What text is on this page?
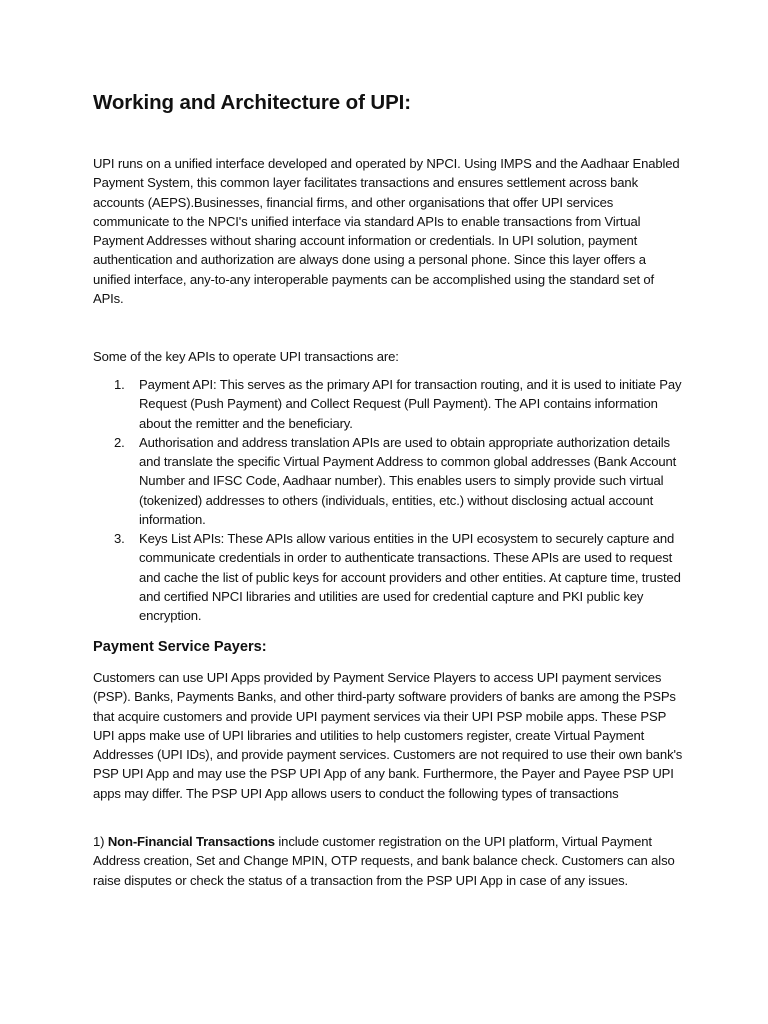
Working and Architecture of UPI:

UPI runs on a unified interface developed and operated by NPCI. Using IMPS and the Aadhaar Enabled Payment System, this common layer facilitates transactions and ensures settlement across bank accounts (AEPS).Businesses, financial firms, and other organisations that offer UPI services communicate to the NPCI's unified interface via standard APIs to enable transactions from Virtual Payment Addresses without sharing account information or credentials. In UPI solution, payment authentication and authorization are always done using a personal phone. Since this layer offers a unified interface, any-to-any interoperable payments can be accomplished using the standard set of APIs.

Some of the key APIs to operate UPI transactions are:

1. Payment API: This serves as the primary API for transaction routing, and it is used to initiate Pay Request (Push Payment) and Collect Request (Pull Payment). The API contains information about the remitter and the beneficiary.
2. Authorisation and address translation APIs are used to obtain appropriate authorization details and translate the specific Virtual Payment Address to common global addresses (Bank Account Number and IFSC Code, Aadhaar number). This enables users to simply provide such virtual (tokenized) addresses to others (individuals, entities, etc.) without disclosing actual account information.
3. Keys List APIs: These APIs allow various entities in the UPI ecosystem to securely capture and communicate credentials in order to authenticate transactions. These APIs are used to request and cache the list of public keys for account providers and other entities. At capture time, trusted and certified NPCI libraries and utilities are used for credential capture and PKI public key encryption.
Payment Service Payers:

Customers can use UPI Apps provided by Payment Service Players to access UPI payment services (PSP). Banks, Payments Banks, and other third-party software providers of banks are among the PSPs that acquire customers and provide UPI payment services via their UPI PSP mobile apps. These PSP UPI apps make use of UPI libraries and utilities to help customers register, create Virtual Payment Addresses (UPI IDs), and provide payment services. Customers are not required to use their own bank's PSP UPI App and may use the PSP UPI App of any bank. Furthermore, the Payer and Payee PSP UPI apps may differ. The PSP UPI App allows users to conduct the following types of transactions

1) Non-Financial Transactions include customer registration on the UPI platform, Virtual Payment Address creation, Set and Change MPIN, OTP requests, and bank balance check. Customers can also raise disputes or check the status of a transaction from the PSP UPI App in case of any issues.
